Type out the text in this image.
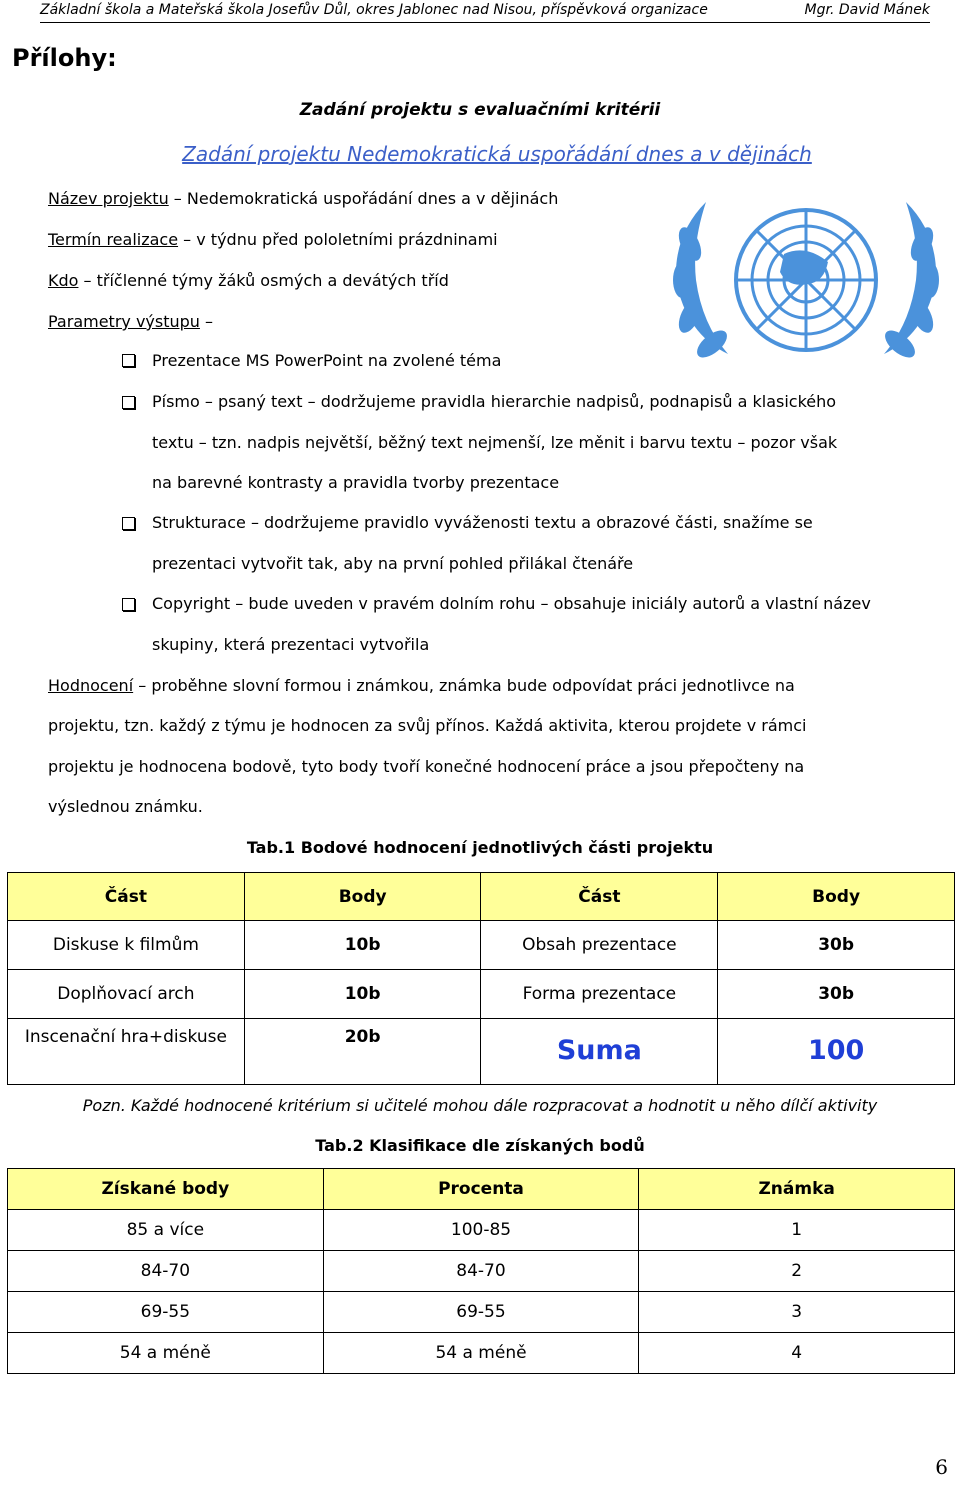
Základní škola a Mateřská škola Josefův Důl, okres Jablonec nad Nisou, příspěvková organizace	Mgr. David Mánek
Přílohy:
Zadání projektu s evaluačními kritérii
Zadání projektu Nedemokratická uspořádání dnes a v dějinách
Název projektu – Nedemokratická uspořádání dnes a v dějinách
Termín realizace – v týdnu před pololetními prázdninami
Kdo – tříčlenné týmy žáků osmých a devátých tříd
Parametry výstupu –
Prezentace MS PowerPoint na zvolené téma
Písmo – psaný text – dodržujeme pravidla hierarchie nadpisů, podnapisů a klasického
textu – tzn. nadpis největší, běžný text nejmenší, lze měnit i barvu textu – pozor však
na barevné kontrasty a pravidla tvorby prezentace
Strukturace – dodržujeme pravidlo vyváženosti textu a obrazové části, snažíme se
prezentaci vytvořit tak, aby na první pohled přilákal čtenáře
Copyright – bude uveden v pravém dolním rohu – obsahuje iniciály autorů a vlastní název
skupiny, která prezentaci vytvořila
Hodnocení – proběhne slovní formou i známkou, známka bude odpovídat práci jednotlivce na
projektu, tzn. každý z týmu je hodnocen za svůj přínos. Každá aktivita, kterou projdete v rámci
projektu je hodnocena bodově, tyto body tvoří konečné hodnocení práce a jsou přepočteny na
výslednou známku.
Tab.1 Bodové hodnocení jednotlivých části projektu
Část	Body	Část	Body
Diskuse k filmům	10b	Obsah prezentace	30b
Doplňovací arch	10b	Forma prezentace	30b
Inscenační hra+diskuse	20b	Suma	100
Pozn. Každé hodnocené kritérium si učitelé mohou dále rozpracovat a hodnotit u něho dílčí aktivity
Tab.2 Klasifikace dle získaných bodů
Získané body	Procenta	Známka
85 a více	100-85	1
84-70	84-70	2
69-55	69-55	3
54 a méně	54 a méně	4
6
